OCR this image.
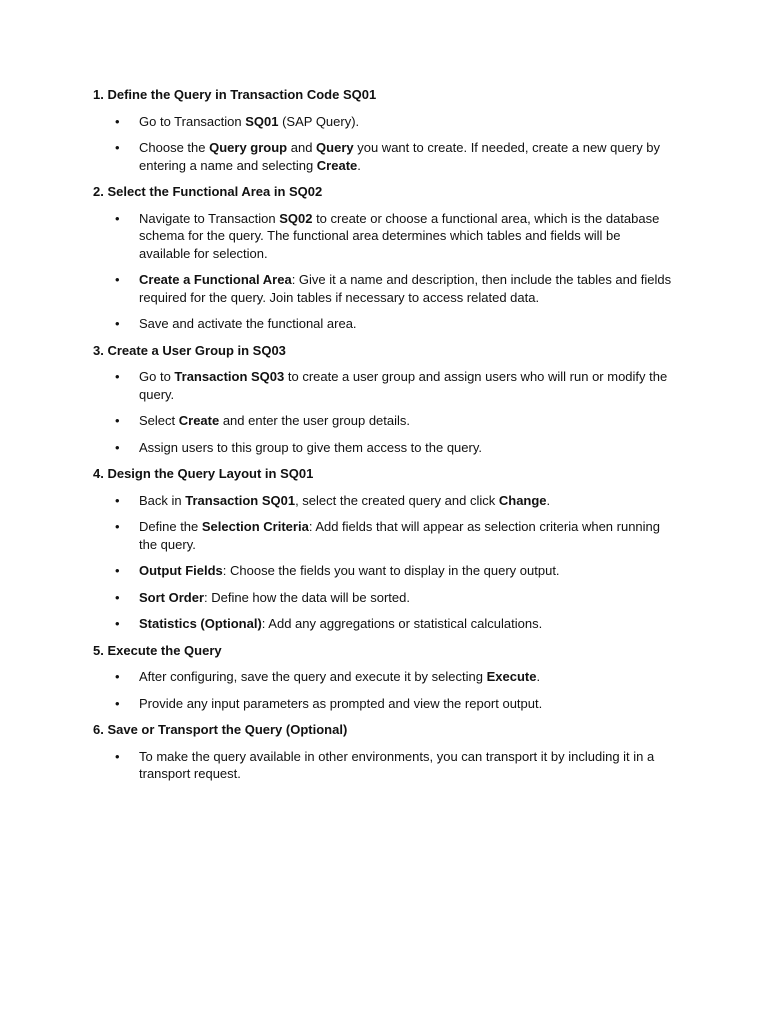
1. Define the Query in Transaction Code SQ01
• Go to Transaction SQ01 (SAP Query).
• Choose the Query group and Query you want to create. If needed, create a new query by entering a name and selecting Create.
2. Select the Functional Area in SQ02
• Navigate to Transaction SQ02 to create or choose a functional area, which is the database schema for the query. The functional area determines which tables and fields will be available for selection.
• Create a Functional Area: Give it a name and description, then include the tables and fields required for the query. Join tables if necessary to access related data.
• Save and activate the functional area.
3. Create a User Group in SQ03
• Go to Transaction SQ03 to create a user group and assign users who will run or modify the query.
• Select Create and enter the user group details.
• Assign users to this group to give them access to the query.
4. Design the Query Layout in SQ01
• Back in Transaction SQ01, select the created query and click Change.
• Define the Selection Criteria: Add fields that will appear as selection criteria when running the query.
• Output Fields: Choose the fields you want to display in the query output.
• Sort Order: Define how the data will be sorted.
• Statistics (Optional): Add any aggregations or statistical calculations.
5. Execute the Query
• After configuring, save the query and execute it by selecting Execute.
• Provide any input parameters as prompted and view the report output.
6. Save or Transport the Query (Optional)
• To make the query available in other environments, you can transport it by including it in a transport request.
